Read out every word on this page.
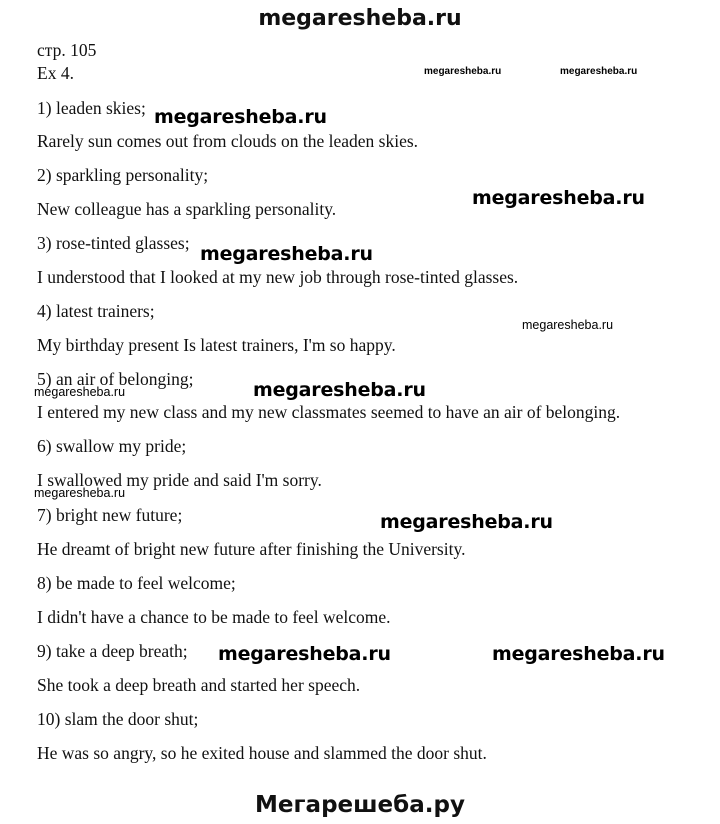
megaresheba.ru
стр. 105
Ex 4.
1) leaden skies;
Rarely sun comes out from clouds on the leaden skies.
2) sparkling personality;
New colleague has a sparkling personality.
3) rose-tinted glasses;
I understood that I looked at my new job through rose-tinted glasses.
4) latest trainers;
My birthday present Is latest trainers, I'm so happy.
5) an air of belonging;
I entered my new class and my new classmates seemed to have an air of belonging.
6) swallow my pride;
I swallowed my pride and said I'm sorry.
7) bright new future;
He dreamt of bright new future after finishing the University.
8) be made to feel welcome;
I didn't have a chance to be made to feel welcome.
9) take a deep breath;
She took a deep breath and started her speech.
10) slam the door shut;
He was so angry, so he exited house and slammed the door shut.
megaresheba.ru	megaresheba.ru
megaresheba.ru
megaresheba.ru
megaresheba.ru
megaresheba.ru
megaresheba.ru
megaresheba.ru
megaresheba.ru
megaresheba.ru
megaresheba.ru	megaresheba.ru
Мегарешеба.ру
